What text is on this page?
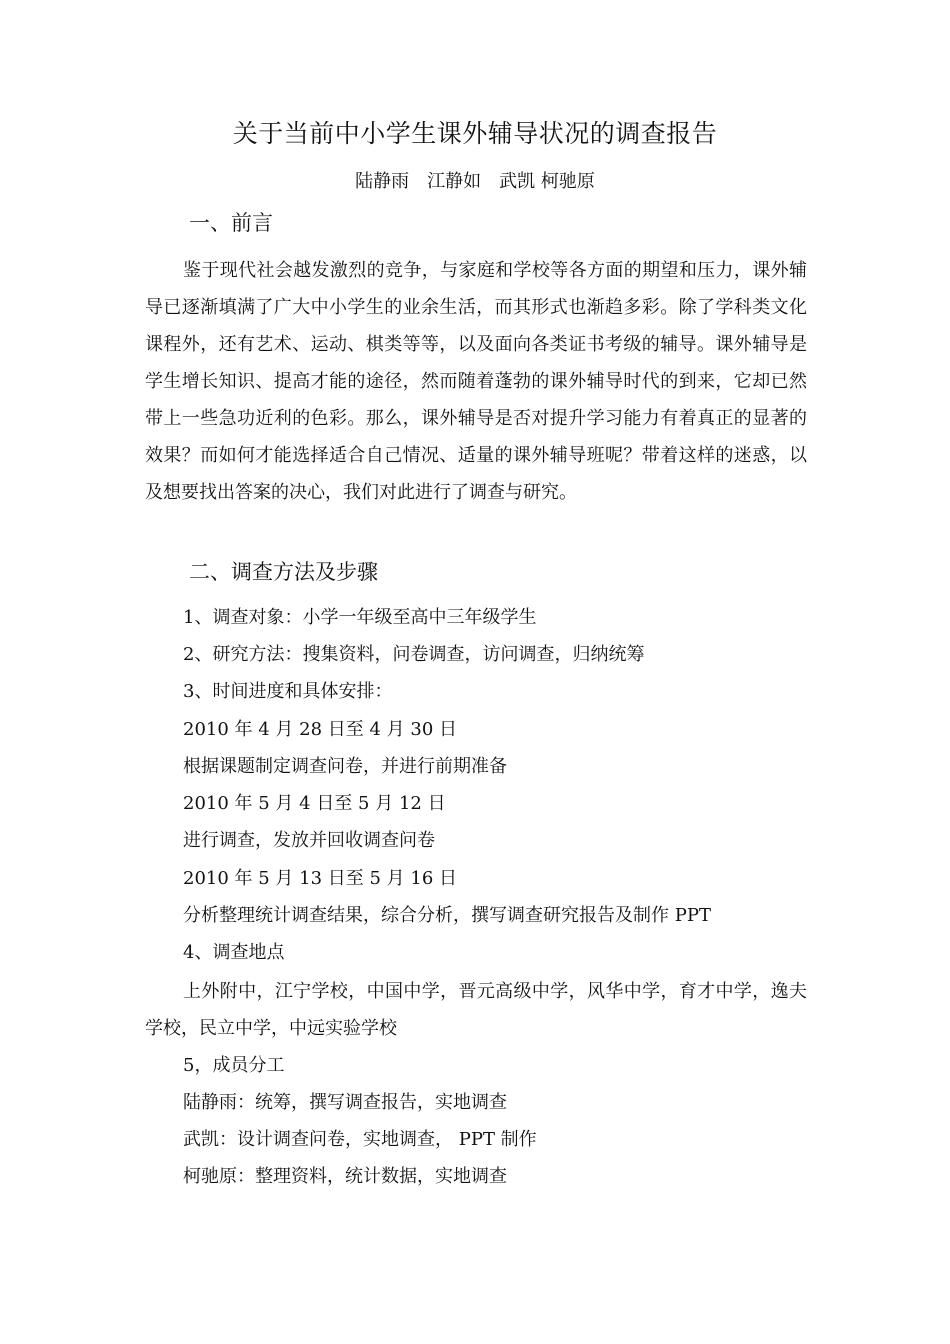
关于当前中小学生课外辅导状况的调查报告
陆静雨　江静如　武凯 柯驰原
一、前言

鉴于现代社会越发激烈的竞争，与家庭和学校等各方面的期望和压力，课外辅导已逐渐填满了广大中小学生的业余生活，而其形式也渐趋多彩。除了学科类文化课程外，还有艺术、运动、棋类等等，以及面向各类证书考级的辅导。课外辅导是学生增长知识、提高才能的途径，然而随着蓬勃的课外辅导时代的到来，它却已然带上一些急功近利的色彩。那么，课外辅导是否对提升学习能力有着真正的显著的效果？而如何才能选择适合自己情况、适量的课外辅导班呢？带着这样的迷惑，以及想要找出答案的决心，我们对此进行了调查与研究。

二、调查方法及步骤
1、调查对象：小学一年级至高中三年级学生
2、研究方法：搜集资料，问卷调查，访问调查，归纳统筹
3、时间进度和具体安排：
2010 年 4 月 28 日至 4 月 30 日
根据课题制定调查问卷，并进行前期准备
2010 年 5 月 4 日至 5 月 12 日
进行调查，发放并回收调查问卷
2010 年 5 月 13 日至 5 月 16 日
分析整理统计调查结果，综合分析，撰写调查研究报告及制作 PPT
4、调查地点

上外附中，江宁学校，中国中学，晋元高级中学，风华中学，育才中学，逸夫学校，民立中学，中远实验学校

5，成员分工
陆静雨：统筹，撰写调查报告，实地调查
武凯：设计调查问卷，实地调查， PPT 制作
柯驰原：整理资料，统计数据，实地调查
